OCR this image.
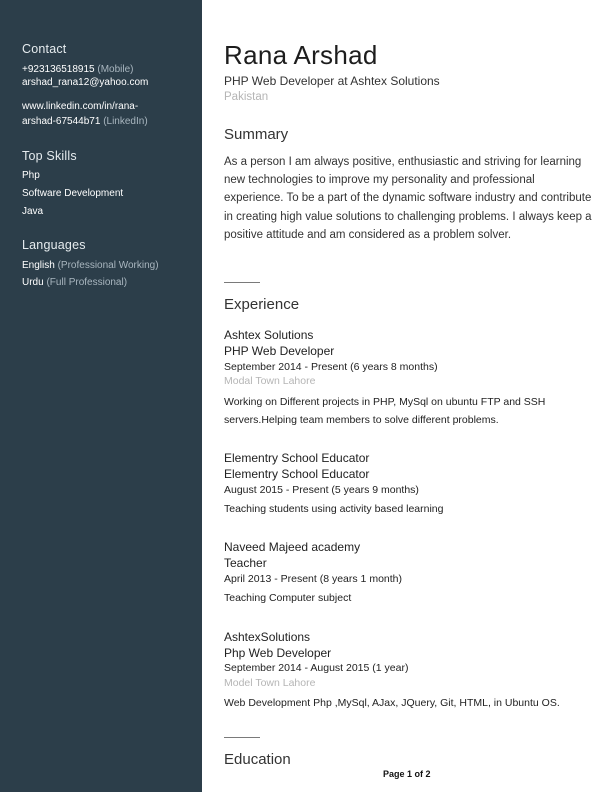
Contact
+923136518915 (Mobile)
arshad_rana12@yahoo.com
www.linkedin.com/in/rana-
arshad-67544b71 (LinkedIn)
Top Skills
Php
Software Development
Java
Languages
English (Professional Working)
Urdu (Full Professional)
Rana Arshad
PHP Web Developer at Ashtex Solutions
Pakistan
Summary

As a person I am always positive, enthusiastic and striving for learning new technologies to improve my personality and professional experience. To be a part of the dynamic software industry and contribute in creating high value solutions to challenging problems. I always keep a positive attitude and am considered as a problem solver.

Experience
Ashtex Solutions
PHP Web Developer
September 2014 - Present (6 years 8 months)
Modal Town Lahore

Working on Different projects in PHP, MySql on ubuntu FTP and SSH servers.Helping team members to solve different problems.

Elementry School Educator
Elementry School Educator
August 2015 - Present (5 years 9 months)

Teaching students using activity based learning

Naveed Majeed academy
Teacher
April 2013 - Present (8 years 1 month)

Teaching Computer subject

AshtexSolutions
Php Web Developer
September 2014 - August 2015 (1 year)
Model Town Lahore

Web Development Php ,MySql, AJax, JQuery, Git, HTML, in Ubuntu OS.

Education
Page 1 of 2
